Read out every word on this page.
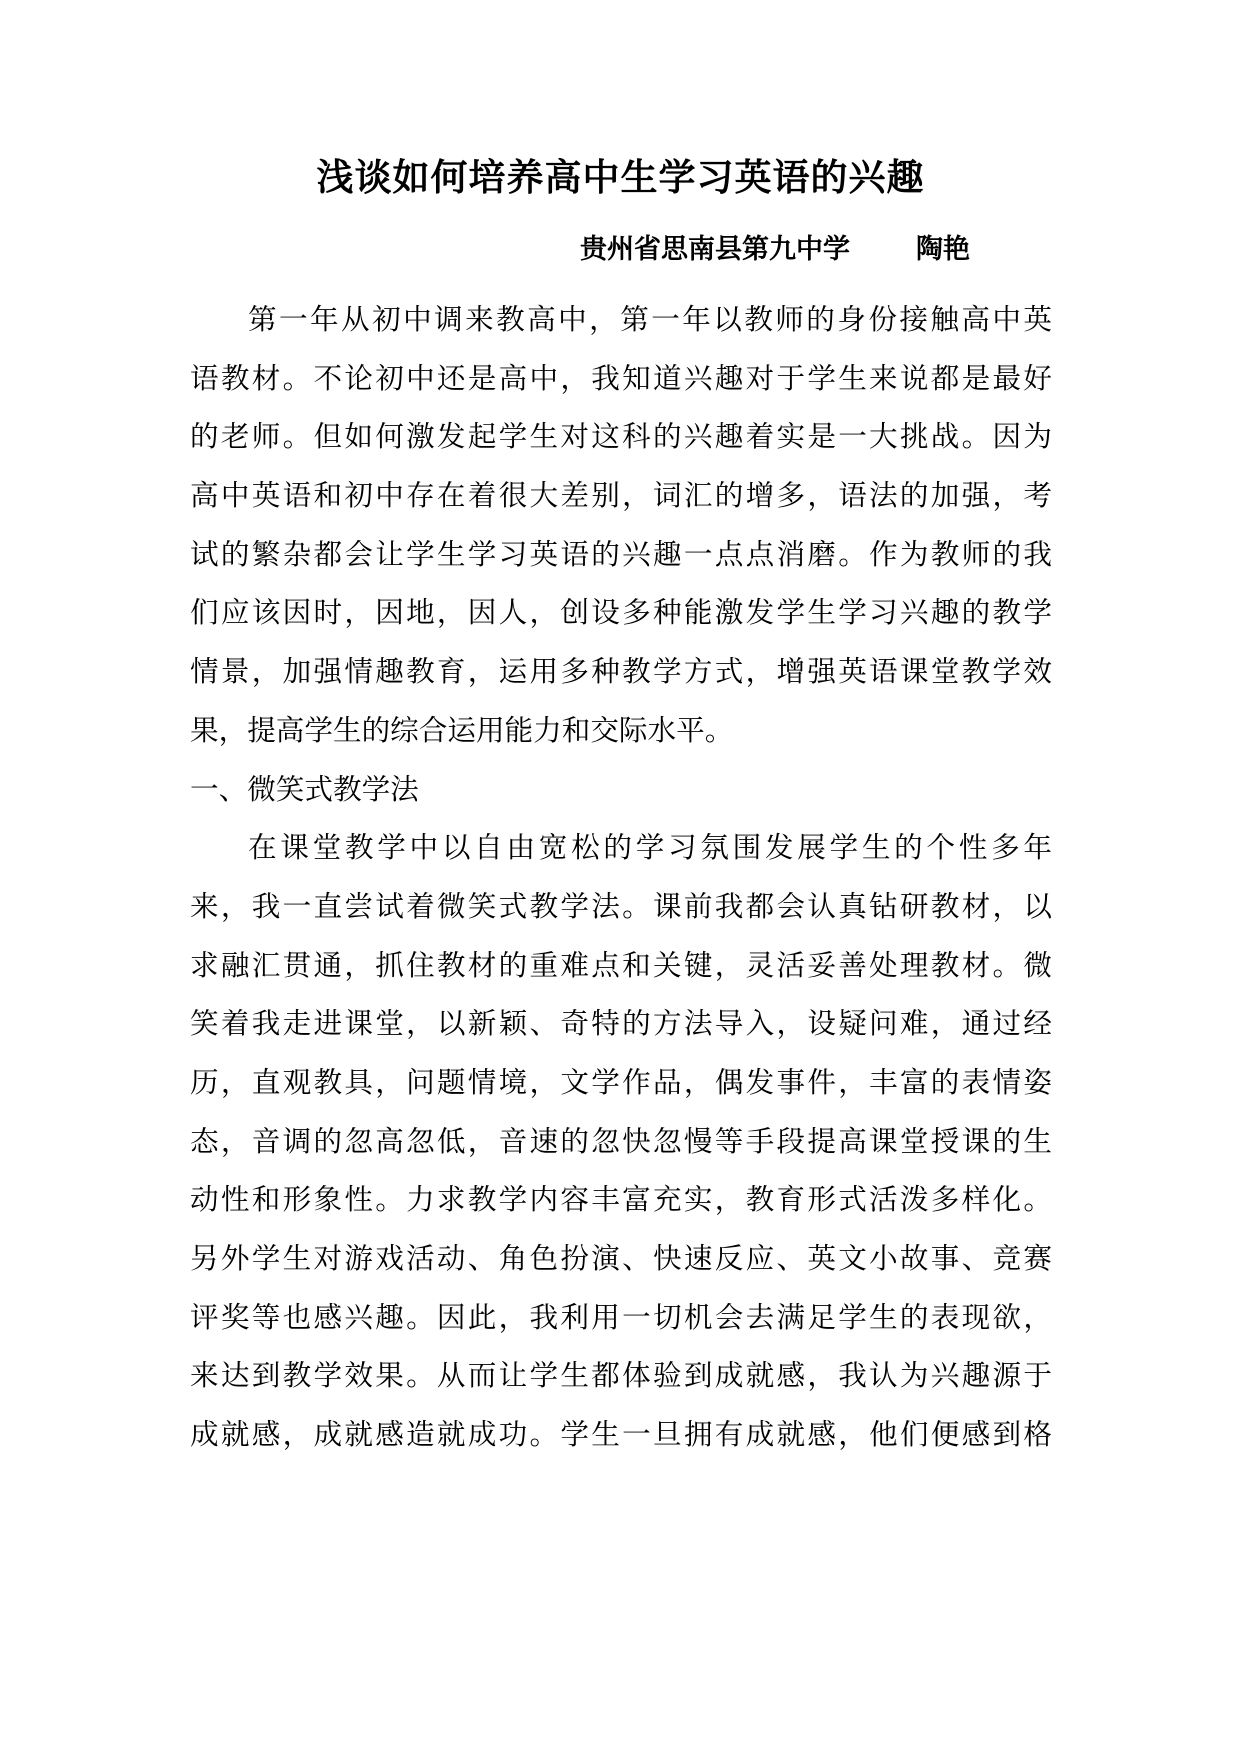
浅谈如何培养高中生学习英语的兴趣
贵州省思南县第九中学 陶艳
第一年从初中调来教高中，第一年以教师的身份接触高中英
语教材。不论初中还是高中，我知道兴趣对于学生来说都是最好
的老师。但如何激发起学生对这科的兴趣着实是一大挑战。因为
高中英语和初中存在着很大差别，词汇的增多，语法的加强，考
试的繁杂都会让学生学习英语的兴趣一点点消磨。作为教师的我
们应该因时，因地，因人，创设多种能激发学生学习兴趣的教学
情景，加强情趣教育，运用多种教学方式，增强英语课堂教学效
果，提高学生的综合运用能力和交际水平。
一、微笑式教学法
在课堂教学中以自由宽松的学习氛围发展学生的个性多年
来，我一直尝试着微笑式教学法。课前我都会认真钻研教材，以
求融汇贯通，抓住教材的重难点和关键，灵活妥善处理教材。微
笑着我走进课堂，以新颖、奇特的方法导入，设疑问难，通过经
历，直观教具，问题情境，文学作品，偶发事件，丰富的表情姿
态，音调的忽高忽低，音速的忽快忽慢等手段提高课堂授课的生
动性和形象性。力求教学内容丰富充实，教育形式活泼多样化。
另外学生对游戏活动、角色扮演、快速反应、英文小故事、竞赛
评奖等也感兴趣。因此，我利用一切机会去满足学生的表现欲，
来达到教学效果。从而让学生都体验到成就感，我认为兴趣源于
成就感，成就感造就成功。学生一旦拥有成就感，他们便感到格
